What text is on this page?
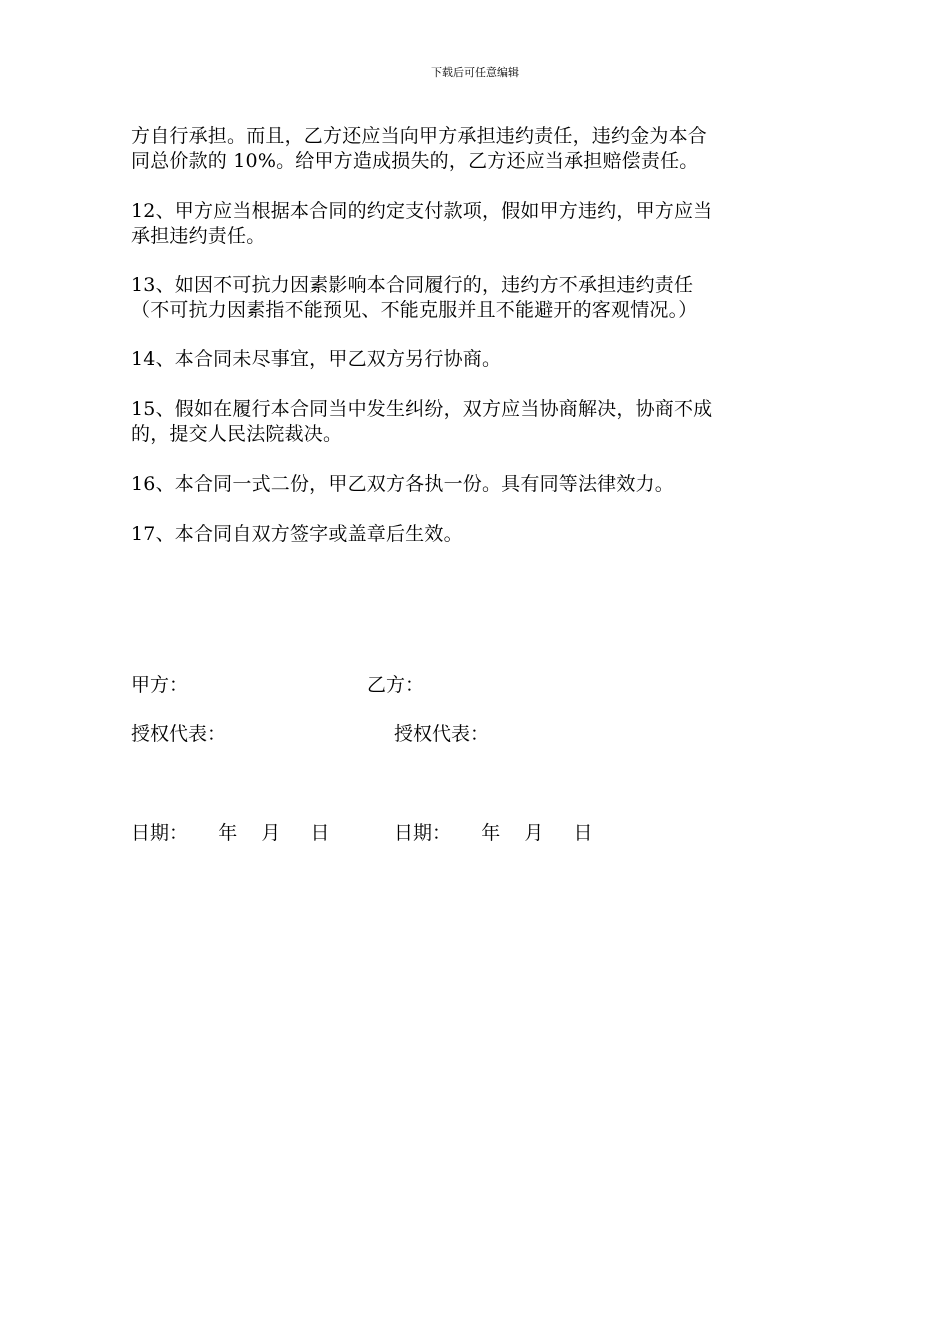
下载后可任意编辑

方自行承担。而且，乙方还应当向甲方承担违约责任，违约金为本合
同总价款的 10%。给甲方造成损失的，乙方还应当承担赔偿责任。

12、甲方应当根据本合同的约定支付款项，假如甲方违约，甲方应当
承担违约责任。

13、如因不可抗力因素影响本合同履行的，违约方不承担违约责任
（不可抗力因素指不能预见、不能克服并且不能避开的客观情况。）

14、本合同未尽事宜，甲乙双方另行协商。

15、假如在履行本合同当中发生纠纷，双方应当协商解决，协商不成
的，提交人民法院裁决。

16、本合同一式二份，甲乙双方各执一份。具有同等法律效力。

17、本合同自双方签字或盖章后生效。

甲方：	乙方：

授权代表：	授权代表：

日期：     年    月     日	日期：     年    月     日
